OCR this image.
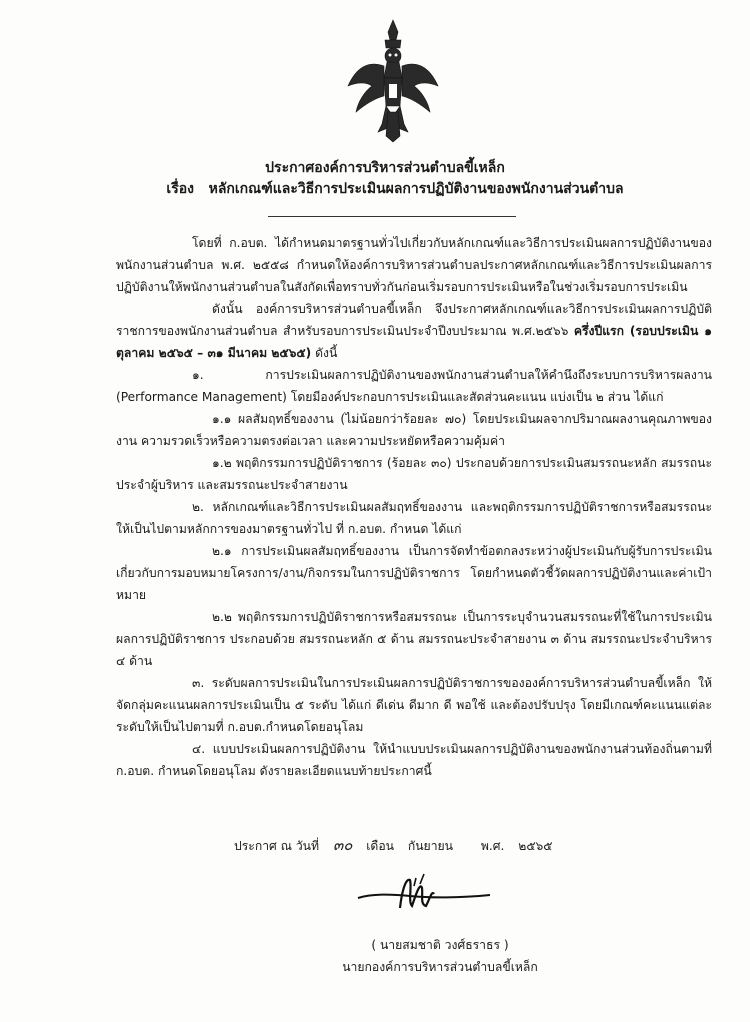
ประกาศองค์การบริหารส่วนตำบลขี้เหล็ก
เรื่อง หลักเกณฑ์และวิธีการประเมินผลการปฏิบัติงานของพนักงานส่วนตำบล

โดยที่ ก.อบต. ได้กำหนดมาตรฐานทั่วไปเกี่ยวกับหลักเกณฑ์และวิธีการประเมินผลการปฏิบัติงานของพนักงานส่วนตำบล พ.ศ. ๒๕๕๘ กำหนดให้องค์การบริหารส่วนตำบลประกาศหลักเกณฑ์และวิธีการประเมินผลการปฏิบัติงานให้พนักงานส่วนตำบลในสังกัดเพื่อทราบทั่วกันก่อนเริ่มรอบการประเมินหรือในช่วงเริ่มรอบการประเมิน

ดังนั้น องค์การบริหารส่วนตำบลขี้เหล็ก จึงประกาศหลักเกณฑ์และวิธีการประเมินผลการปฏิบัติราชการของพนักงานส่วนตำบล สำหรับรอบการประเมินประจำปีงบประมาณ พ.ศ.๒๕๖๖ ครึ่งปีแรก (รอบประเมิน ๑ ตุลาคม ๒๕๖๕ – ๓๑ มีนาคม ๒๕๖๕) ดังนี้

๑. การประเมินผลการปฏิบัติงานของพนักงานส่วนตำบลให้คำนึงถึงระบบการบริหารผลงาน (Performance Management) โดยมีองค์ประกอบการประเมินและสัดส่วนคะแนน แบ่งเป็น ๒ ส่วน ได้แก่

๑.๑ ผลสัมฤทธิ์ของงาน (ไม่น้อยกว่าร้อยละ ๗๐) โดยประเมินผลจากปริมาณผลงานคุณภาพของงาน ความรวดเร็วหรือความตรงต่อเวลา และความประหยัดหรือความคุ้มค่า

๑.๒ พฤติกรรมการปฏิบัติราชการ (ร้อยละ ๓๐) ประกอบด้วยการประเมินสมรรถนะหลัก สมรรถนะประจำผู้บริหาร และสมรรถนะประจำสายงาน

๒. หลักเกณฑ์และวิธีการประเมินผลสัมฤทธิ์ของงาน และพฤติกรรมการปฏิบัติราชการหรือสมรรถนะ ให้เป็นไปตามหลักการของมาตรฐานทั่วไป ที่ ก.อบต. กำหนด ได้แก่

๒.๑ การประเมินผลสัมฤทธิ์ของงาน เป็นการจัดทำข้อตกลงระหว่างผู้ประเมินกับผู้รับการประเมินเกี่ยวกับการมอบหมายโครงการ/งาน/กิจกรรมในการปฏิบัติราชการ โดยกำหนดตัวชี้วัดผลการปฏิบัติงานและค่าเป้าหมาย

๒.๒ พฤติกรรมการปฏิบัติราชการหรือสมรรถนะ เป็นการระบุจำนวนสมรรถนะที่ใช้ในการประเมินผลการปฏิบัติราชการ ประกอบด้วย สมรรถนะหลัก ๕ ด้าน สมรรถนะประจำสายงาน ๓ ด้าน สมรรถนะประจำบริหาร ๔ ด้าน

๓. ระดับผลการประเมินในการประเมินผลการปฏิบัติราชการขององค์การบริหารส่วนตำบลขี้เหล็ก ให้จัดกลุ่มคะแนนผลการประเมินเป็น ๕ ระดับ ได้แก่ ดีเด่น ดีมาก ดี พอใช้ และต้องปรับปรุง โดยมีเกณฑ์คะแนนแต่ละระดับให้เป็นไปตามที่ ก.อบต.กำหนดโดยอนุโลม

๔. แบบประเมินผลการปฏิบัติงาน ให้นำแบบประเมินผลการปฏิบัติงานของพนักงานส่วนท้องถิ่นตามที่ ก.อบต. กำหนดโดยอนุโลม ดังรายละเอียดแนบท้ายประกาศนี้

ประกาศ ณ วันที่ ๓๐ เดือน กันยายน พ.ศ. ๒๕๖๕
( นายสมชาติ วงศ์ธราธร )
นายกองค์การบริหารส่วนตำบลขี้เหล็ก
